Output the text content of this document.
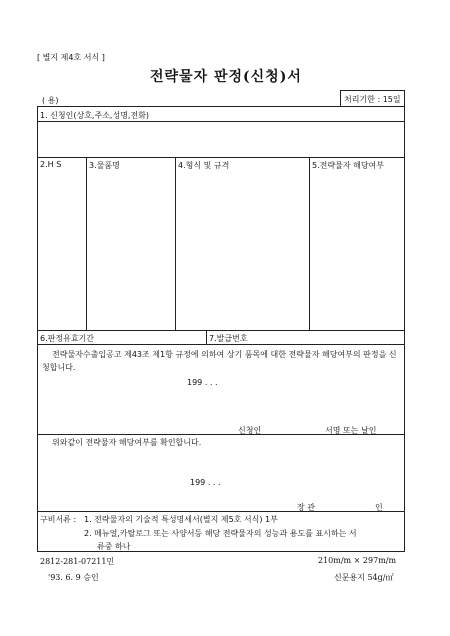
[ 별지 제4호 서식 ]
전략물자 판정(신청)서
( 용)	처리기한 : 15일
1. 신청인(상호,주소,성명,전화)
2.H S	3.물품명	4.형식 및 규격	5.전략물자 해당여부
6.판정유효기간	7.발급번호
전략물자수출입공고 제43조 제1항 규정에 의하여 상기 품목에 대한 전략물자 해당여부의 판정을 신청합니다.
199 . . .
신청인	서명 또는 날인
위와같이 전략물자 해당여부를 확인합니다.
199 . . .
장 관	인
구비서류 : 1. 전략물자의 기술적 특성명세서(별지 제5호 서식) 1부
2. 메뉴얼,카탈로그 또는 사양서등 해당 전략물자의 성능과 용도를 표시하는 서
류중 하나
2812-281-07211민
'93. 6. 9 승인
210m/m × 297m/m
신문용지 54g/㎡
